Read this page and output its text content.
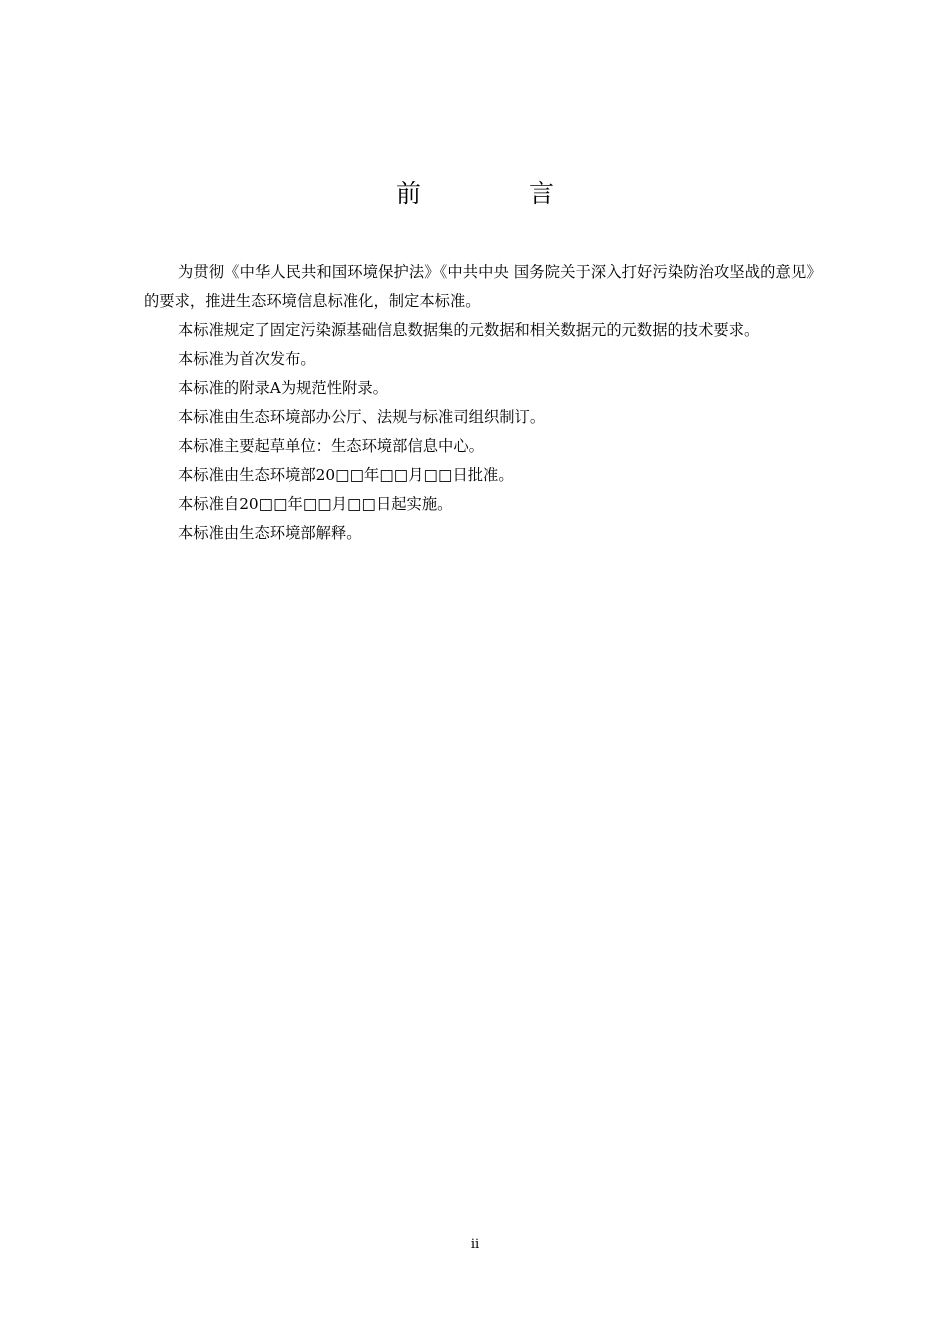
前 言

为贯彻《中华人民共和国环境保护法》《中共中央 国务院关于深入打好污染防治攻坚战的意见》的要求，推进生态环境信息标准化，制定本标准。

本标准规定了固定污染源基础信息数据集的元数据和相关数据元的元数据的技术要求。

本标准为首次发布。

本标准的附录A为规范性附录。

本标准由生态环境部办公厅、法规与标准司组织制订。

本标准主要起草单位：生态环境部信息中心。

本标准由生态环境部20□□年□□月□□日批准。

本标准自20□□年□□月□□日起实施。

本标准由生态环境部解释。

ii
